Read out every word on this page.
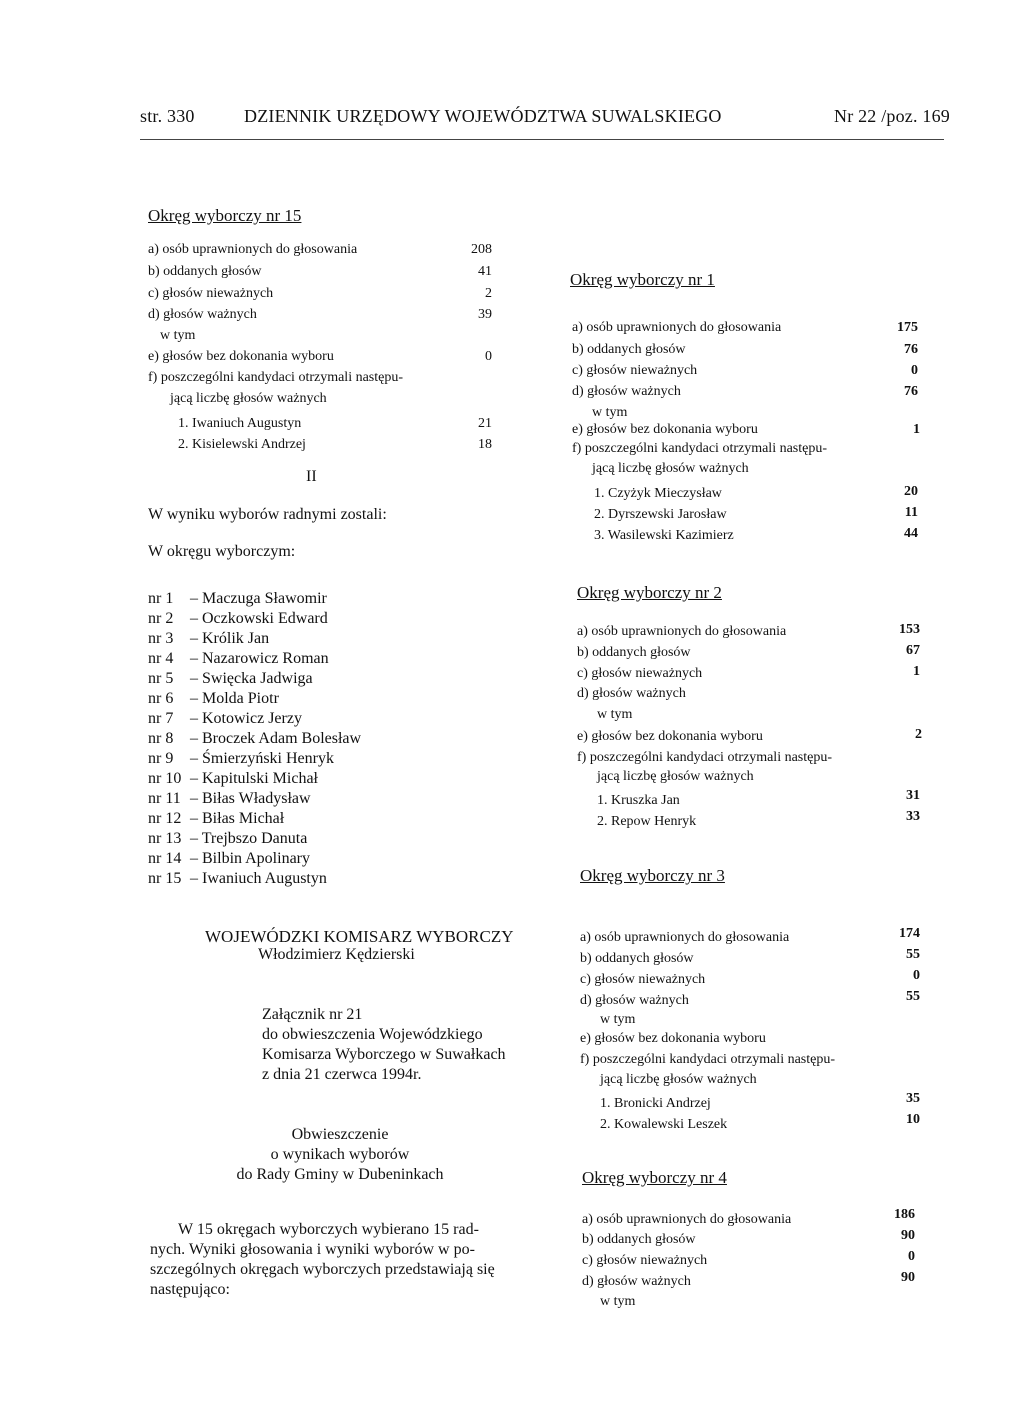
str. 330	DZIENNIK URZĘDOWY WOJEWÓDZTWA SUWALSKIEGO	Nr 22 /poz. 169
Okręg wyborczy nr 15
a) osób uprawnionych do głosowania	208
b) oddanych głosów	41
c) głosów nieważnych	2
d) głosów ważnych	39
w tym
e) głosów bez dokonania wyboru	0
f) poszczególni kandydaci otrzymali następu-
jącą liczbę głosów ważnych
1. Iwaniuch Augustyn	21
2. Kisielewski Andrzej	18
II
W wyniku wyborów radnymi zostali:
W okręgu wyborczym:
nr 1 – Maczuga Sławomir
nr 2 – Oczkowski Edward
nr 3 – Królik Jan
nr 4 – Nazarowicz Roman
nr 5 – Swięcka Jadwiga
nr 6 – Molda Piotr
nr 7 – Kotowicz Jerzy
nr 8 – Broczek Adam Bolesław
nr 9 – Śmierzyński Henryk
nr 10 – Kapitulski Michał
nr 11 – Biłas Władysław
nr 12 – Biłas Michał
nr 13 – Trejbszo Danuta
nr 14 – Bilbin Apolinary
nr 15 – Iwaniuch Augustyn
WOJEWÓDZKI KOMISARZ WYBORCZY
Włodzimierz Kędzierski
Załącznik nr 21
do obwieszczenia Wojewódzkiego
Komisarza Wyborczego w Suwałkach
z dnia 21 czerwca 1994r.
Obwieszczenie
o wynikach wyborów
do Rady Gminy w Dubeninkach
W 15 okręgach wyborczych wybierano 15 rad-
nych. Wyniki głosowania i wyniki wyborów w po-
szczególnych okręgach wyborczych przedstawiają się
następująco:
Okręg wyborczy nr 1
a) osób uprawnionych do głosowania	175
b) oddanych głosów	76
c) głosów nieważnych	0
d) głosów ważnych	76
w tym
e) głosów bez dokonania wyboru	1
f) poszczególni kandydaci otrzymali następu-
jącą liczbę głosów ważnych
1. Czyżyk Mieczysław	20
2. Dyrszewski Jarosław	11
3. Wasilewski Kazimierz	44
Okręg wyborczy nr 2
a) osób uprawnionych do głosowania	153
b) oddanych głosów	67
c) głosów nieważnych	1
d) głosów ważnych
w tym
e) głosów bez dokonania wyboru	2
f) poszczególni kandydaci otrzymali następu-
jącą liczbę głosów ważnych
1. Kruszka Jan	31
2. Repow Henryk	33
Okręg wyborczy nr 3
a) osób uprawnionych do głosowania	174
b) oddanych głosów	55
c) głosów nieważnych	0
d) głosów ważnych	55
w tym
e) głosów bez dokonania wyboru
f) poszczególni kandydaci otrzymali następu-
jącą liczbę głosów ważnych
1. Bronicki Andrzej	35
2. Kowalewski Leszek	10
Okręg wyborczy nr 4
a) osób uprawnionych do głosowania	186
b) oddanych głosów	90
c) głosów nieważnych	0
d) głosów ważnych	90
w tym
